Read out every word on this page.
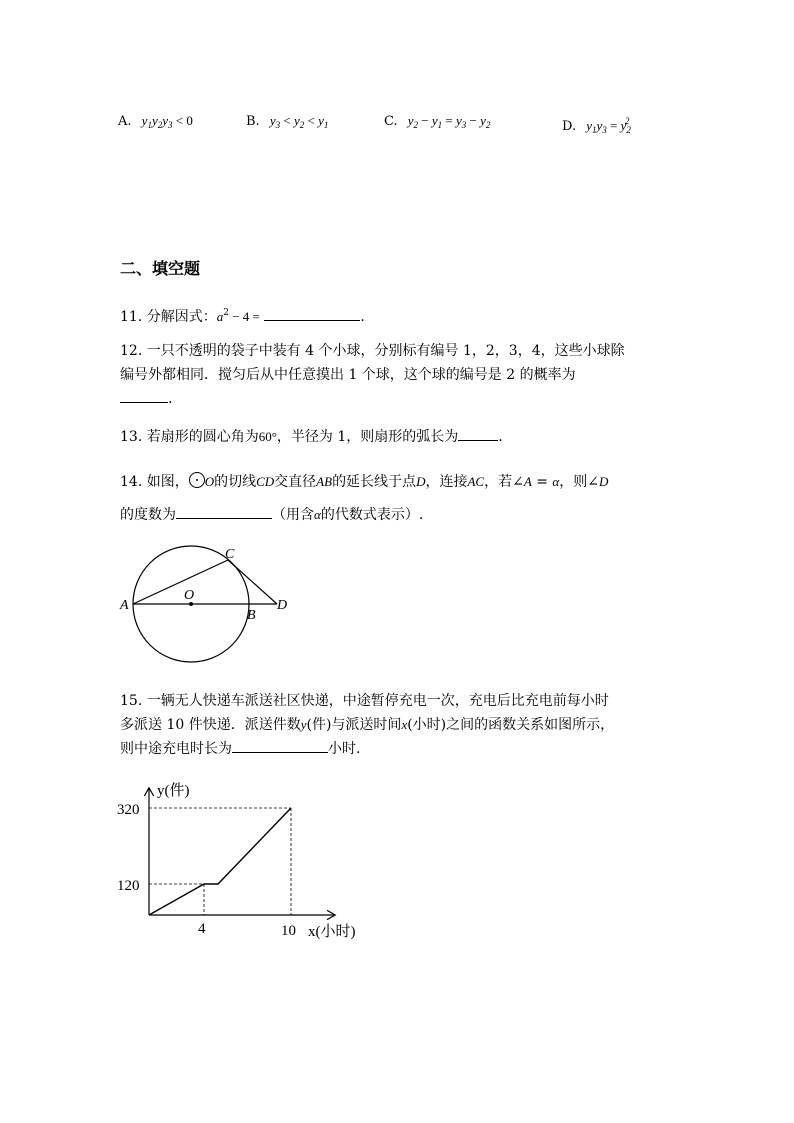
A. $y_1y_2y_3 < 0$	B. $y_3 < y_2 < y_1$	C. $y_2 - y_1 = y_3 - y_2$	D. $y_1y_3 = y_2^2$
二、填空题
11. 分解因式：$a^2 - 4$ =	.
12. 一只不透明的袋子中装有 4 个小球，分别标有编号 1，2，3，4，这些小球除
编号外都相同．搅匀后从中任意摸出 1 个球，这个球的编号是 2 的概率为
.
13. 若扇形的圆心角为60°，半径为 1，则扇形的弧长为	.
14. 如图， O的切线CD交直径AB的延长线于点D，连接AC，若∠A = α，则∠D
的度数为	（用含α的代数式表示）.
A
O
C
B
D
15. 一辆无人快递车派送社区快递，中途暂停充电一次，充电后比充电前每小时
多派送 10 件快递．派送件数y(件)与派送时间x(小时)之间的函数关系如图所示，
则中途充电时长为	小时.
y(件)
x(小时)
320
120
4	10
